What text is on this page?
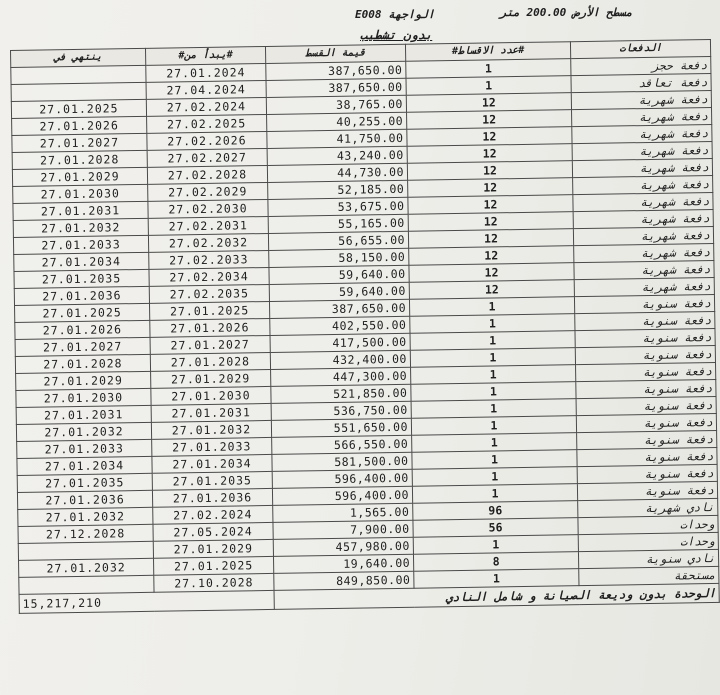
مسطح الأرض 200.00 متر
الواجهة E008
بدون تشطيب
ينتهي في	#يبدأ من#	قيمة القسط	#عدد الاقساط#	الدفعات
	27.01.2024	387,650.00	1	دفعة حجز
	27.04.2024	387,650.00	1	دفعة تعاقد
27.01.2025	27.02.2024	38,765.00	12	دفعة شهرية
27.01.2026	27.02.2025	40,255.00	12	دفعة شهرية
27.01.2027	27.02.2026	41,750.00	12	دفعة شهرية
27.01.2028	27.02.2027	43,240.00	12	دفعة شهرية
27.01.2029	27.02.2028	44,730.00	12	دفعة شهرية
27.01.2030	27.02.2029	52,185.00	12	دفعة شهرية
27.01.2031	27.02.2030	53,675.00	12	دفعة شهرية
27.01.2032	27.02.2031	55,165.00	12	دفعة شهرية
27.01.2033	27.02.2032	56,655.00	12	دفعة شهرية
27.01.2034	27.02.2033	58,150.00	12	دفعة شهرية
27.01.2035	27.02.2034	59,640.00	12	دفعة شهرية
27.01.2036	27.02.2035	59,640.00	12	دفعة شهرية
27.01.2025	27.01.2025	387,650.00	1	دفعة سنوية
27.01.2026	27.01.2026	402,550.00	1	دفعة سنوية
27.01.2027	27.01.2027	417,500.00	1	دفعة سنوية
27.01.2028	27.01.2028	432,400.00	1	دفعة سنوية
27.01.2029	27.01.2029	447,300.00	1	دفعة سنوية
27.01.2030	27.01.2030	521,850.00	1	دفعة سنوية
27.01.2031	27.01.2031	536,750.00	1	دفعة سنوية
27.01.2032	27.01.2032	551,650.00	1	دفعة سنوية
27.01.2033	27.01.2033	566,550.00	1	دفعة سنوية
27.01.2034	27.01.2034	581,500.00	1	دفعة سنوية
27.01.2035	27.01.2035	596,400.00	1	دفعة سنوية
27.01.2036	27.01.2036	596,400.00	1	دفعة سنوية
27.01.2032	27.02.2024	1,565.00	96	نادي شهرية
27.12.2028	27.05.2024	7,900.00	56	وحدات
	27.01.2029	457,980.00	1	وحدات
27.01.2032	27.01.2025	19,640.00	8	نادي سنوية
	27.10.2028	849,850.00	1	مستحقة
15,217,210		الوحدة بدون وديعة الصيانة و شامل النادي		
